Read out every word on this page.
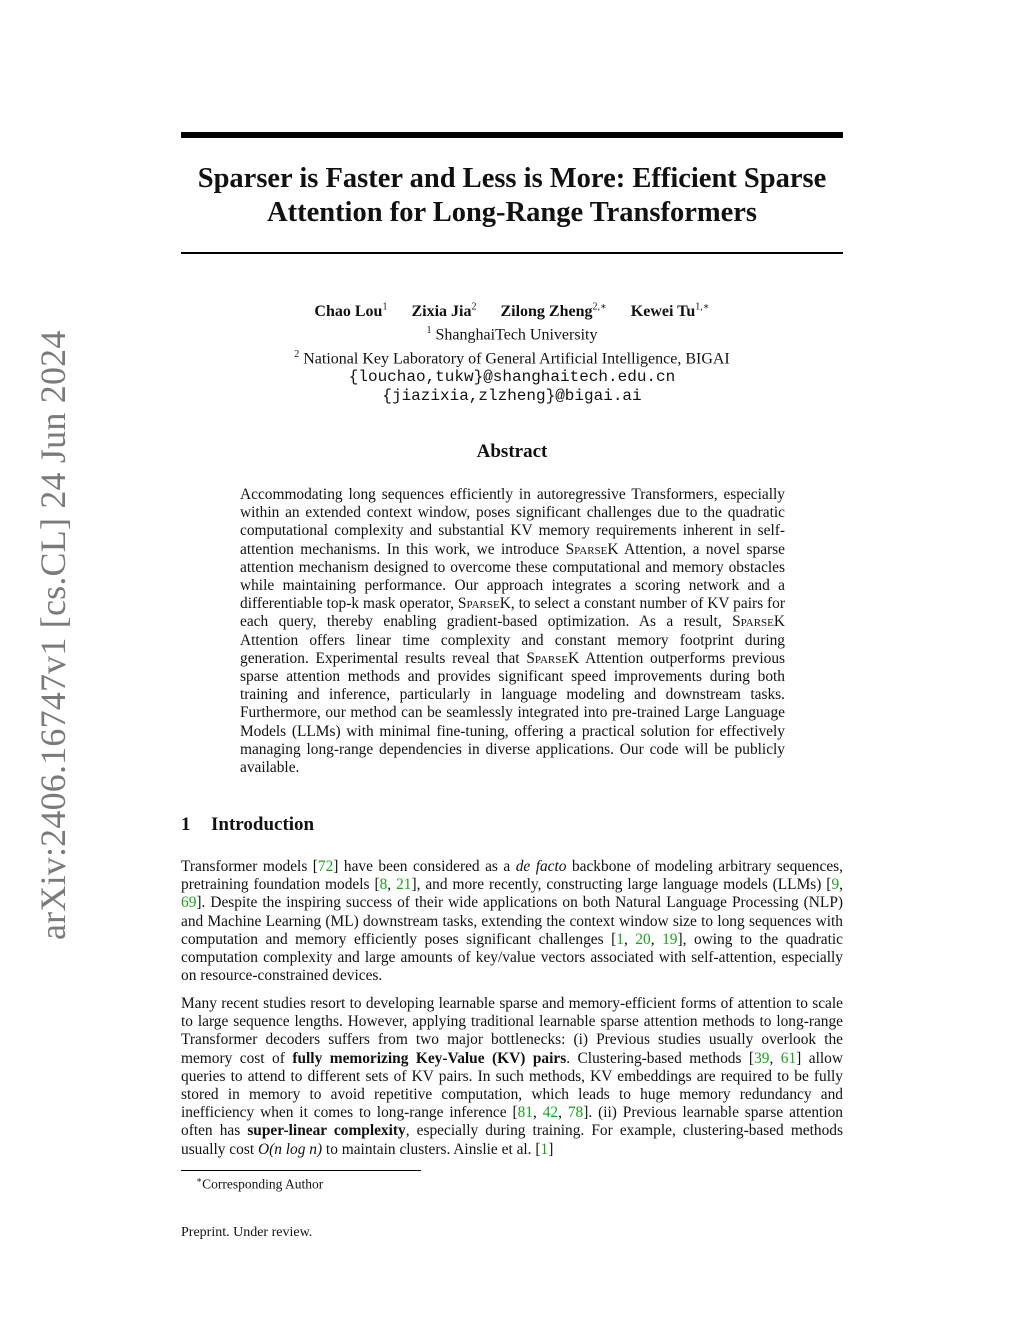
arXiv:2406.16747v1 [cs.CL] 24 Jun 2024
Sparser is Faster and Less is More: Efficient Sparse
Attention for Long-Range Transformers
Chao Lou$^1$ Zixia Jia$^2$ Zilong Zheng$^{2,∗}$ Kewei $Tu^{1,∗}$
$^1$ ShanghaiTech University
$^2$ National Key Laboratory of General Artificial Intelligence, BIGAI
{louchao,tukw}@shanghaitech.edu.cn
{jiazixia,zlzheng}@bigai.ai
Abstract

Accommodating long sequences efficiently in autoregressive Transformers, especially within an extended context window, poses significant challenges due to the quadratic computational complexity and substantial KV memory requirements inherent in self-attention mechanisms. In this work, we introduce SparseK Attention, a novel sparse attention mechanism designed to overcome these computational and memory obstacles while maintaining performance. Our approach integrates a scoring network and a differentiable top-k mask operator, SparseK, to select a constant number of KV pairs for each query, thereby enabling gradient-based optimization. As a result, SparseK Attention offers linear time complexity and constant memory footprint during generation. Experimental results reveal that SparseK Attention outperforms previous sparse attention methods and provides significant speed improvements during both training and inference, particularly in language modeling and downstream tasks. Furthermore, our method can be seamlessly integrated into pre-trained Large Language Models (LLMs) with minimal fine-tuning, offering a practical solution for effectively managing long-range dependencies in diverse applications. Our code will be publicly available.

1 Introduction

Transformer models [72] have been considered as a de facto backbone of modeling arbitrary sequences, pretraining foundation models [8, 21], and more recently, constructing large language models (LLMs) [9, 69]. Despite the inspiring success of their wide applications on both Natural Language Processing (NLP) and Machine Learning (ML) downstream tasks, extending the context window size to long sequences with computation and memory efficiently poses significant challenges [1, 20, 19], owing to the quadratic computation complexity and large amounts of key/value vectors associated with self-attention, especially on resource-constrained devices.

Many recent studies resort to developing learnable sparse and memory-efficient forms of attention to scale to large sequence lengths. However, applying traditional learnable sparse attention methods to long-range Transformer decoders suffers from two major bottlenecks: (i) Previous studies usually overlook the memory cost of fully memorizing Key-Value (KV) pairs. Clustering-based methods [39, 61] allow queries to attend to different sets of KV pairs. In such methods, KV embeddings are required to be fully stored in memory to avoid repetitive computation, which leads to huge memory redundancy and inefficiency when it comes to long-range inference [81, 42, 78]. (ii) Previous learnable sparse attention often has super-linear complexity, especially during training. For example, clustering-based methods usually cost O(n log n) to maintain clusters. Ainslie et al. [1]

∗Corresponding Author
Preprint. Under review.
